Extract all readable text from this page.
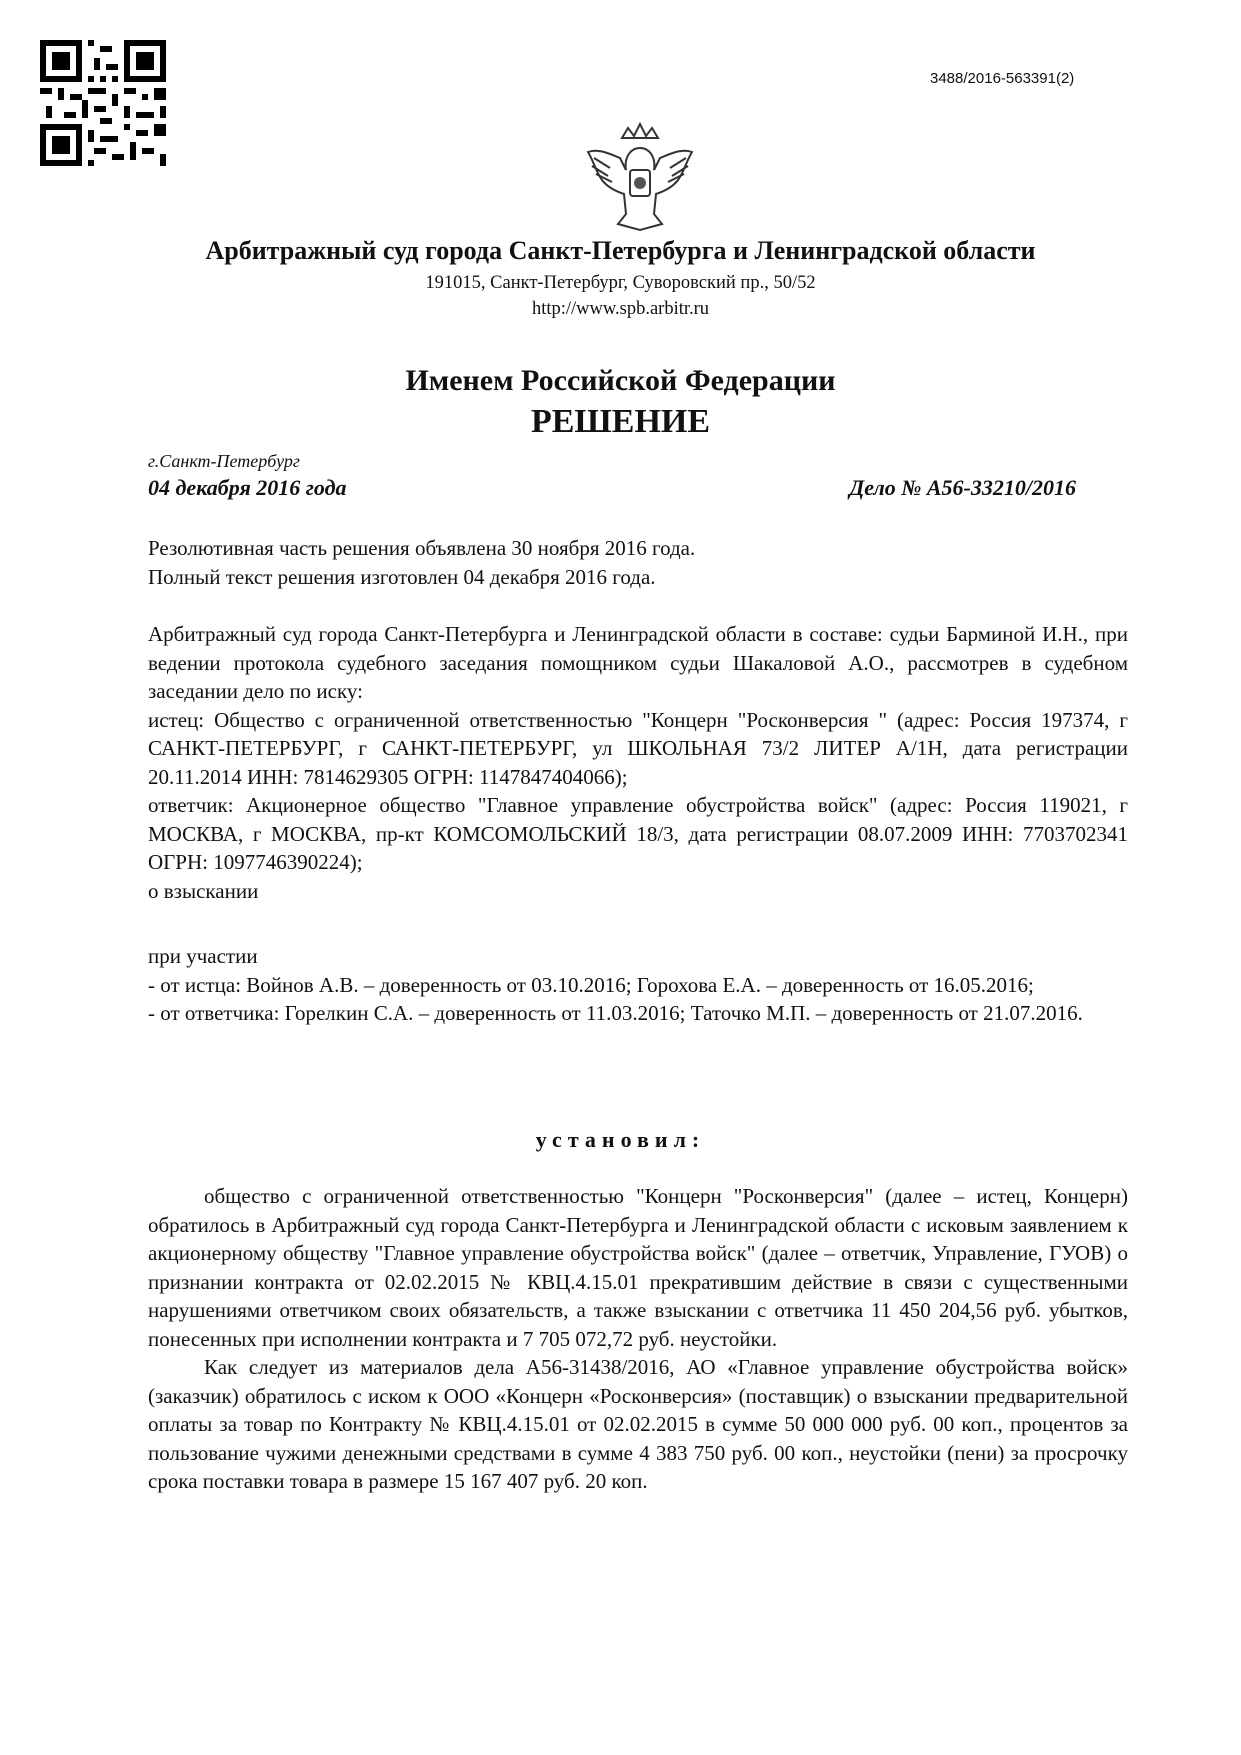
3488/2016-563391(2)
Арбитражный суд города Санкт-Петербурга и Ленинградской области
191015, Санкт-Петербург, Суворовский пр., 50/52
http://www.spb.arbitr.ru
Именем Российской Федерации
РЕШЕНИЕ
г.Санкт-Петербург
04 декабря 2016 года	Дело № А56-33210/2016

Резолютивная часть решения объявлена 30 ноября 2016 года.

Полный текст решения изготовлен 04 декабря 2016 года.

Арбитражный суд города Санкт-Петербурга и Ленинградской области в составе: судьи Барминой И.Н., при ведении протокола судебного заседания помощником судьи Шакаловой А.О., рассмотрев в судебном заседании дело по иску:

истец: Общество с ограниченной ответственностью "Концерн "Росконверсия " (адрес: Россия 197374, г САНКТ-ПЕТЕРБУРГ, г САНКТ-ПЕТЕРБУРГ, ул ШКОЛЬНАЯ 73/2 ЛИТЕР А/1Н, дата регистрации 20.11.2014 ИНН: 7814629305 ОГРН: 1147847404066);

ответчик: Акционерное общество "Главное управление обустройства войск" (адрес: Россия 119021, г МОСКВА, г МОСКВА, пр-кт КОМСОМОЛЬСКИЙ 18/3, дата регистрации 08.07.2009 ИНН: 7703702341 ОГРН: 1097746390224);

о взыскании

при участии

- от истца: Войнов А.В. – доверенность от 03.10.2016; Горохова Е.А. – доверенность от 16.05.2016;

- от ответчика: Горелкин С.А. – доверенность от 11.03.2016; Таточко М.П. – доверенность от 21.07.2016.

установил:

общество с ограниченной ответственностью "Концерн "Росконверсия" (далее – истец, Концерн) обратилось в Арбитражный суд города Санкт-Петербурга и Ленинградской области с исковым заявлением к акционерному обществу "Главное управление обустройства войск" (далее – ответчик, Управление, ГУОВ) о признании контракта от 02.02.2015 № КВЦ.4.15.01 прекратившим действие в связи с существенными нарушениями ответчиком своих обязательств, а также взыскании с ответчика 11 450 204,56 руб. убытков, понесенных при исполнении контракта и 7 705 072,72 руб. неустойки.

Как следует из материалов дела А56-31438/2016, АО «Главное управление обустройства войск» (заказчик) обратилось с иском к ООО «Концерн «Росконверсия» (поставщик) о взыскании предварительной оплаты за товар по Контракту № КВЦ.4.15.01 от 02.02.2015 в сумме 50 000 000 руб. 00 коп., процентов за пользование чужими денежными средствами в сумме 4 383 750 руб. 00 коп., неустойки (пени) за просрочку срока поставки товара в размере 15 167 407 руб. 20 коп.
